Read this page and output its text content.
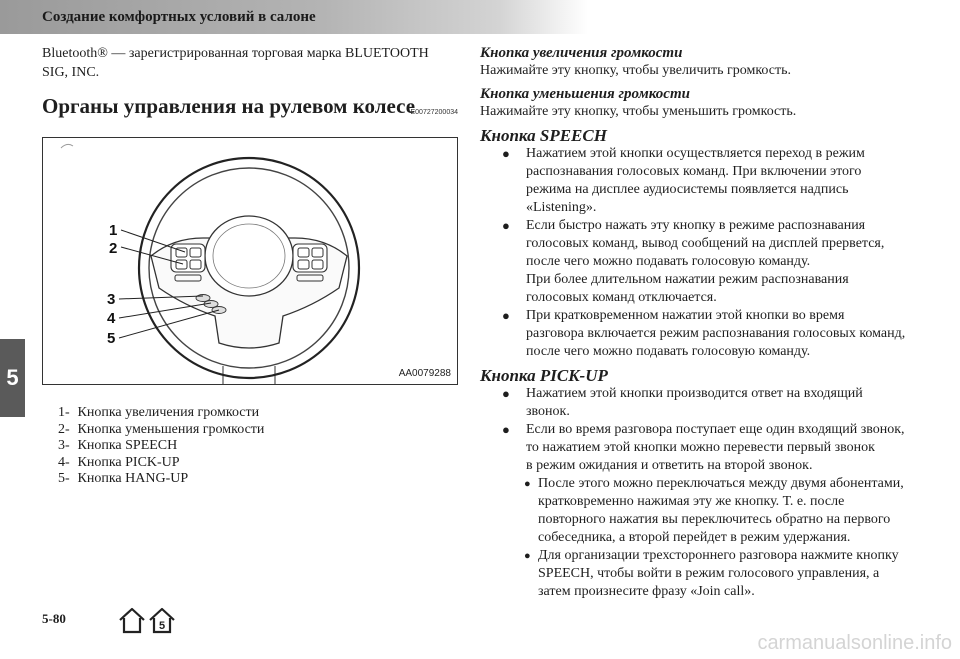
Создание комфортных условий в салоне
Bluetooth® — зарегистрированная торговая марка BLUETOOTH
SIG, INC.
Органы управления на рулевом колесе
E00727200034
1
2
3
4
5
AA0079288
1-
Кнопка увеличения громкости
2-
Кнопка уменьшения громкости
3-
Кнопка SPEECH
4-
Кнопка PICK-UP
5-
Кнопка HANG-UP
Кнопка увеличения громкости
Нажимайте эту кнопку, чтобы увеличить громкость.
Кнопка уменьшения громкости
Нажимайте эту кнопку, чтобы уменьшить громкость.
Кнопка SPEECH
●	Нажатием этой кнопки осуществляется переход в режим
распознавания голосовых команд. При включении этого
режима на дисплее аудиосистемы появляется надпись
«Listening».
●	Если быстро нажать эту кнопку в режиме распознавания
голосовых команд, вывод сообщений на дисплей прервется,
после чего можно подавать голосовую команду.
При более длительном нажатии режим распознавания
голосовых команд отключается.
●	При кратковременном нажатии этой кнопки во время
разговора включается режим распознавания голосовых команд,
после чего можно подавать голосовую команду.
Кнопка PICK-UP
●	Нажатием этой кнопки производится ответ на входящий
звонок.
●	Если во время разговора поступает еще один входящий звонок,
то нажатием этой кнопки можно перевести первый звонок
в режим ожидания и ответить на второй звонок.
● После этого можно переключаться между двумя абонентами,
кратковременно нажимая эту же кнопку. Т. е. после
повторного нажатия вы переключитесь обратно на первого
собеседника, а второй перейдет в режим удержания.
● Для организации трехстороннего разговора нажмите кнопку
SPEECH, чтобы войти в режим голосового управления, а
затем произнесите фразу «Join call».
5
5-80	5
carmanualsonline.info
